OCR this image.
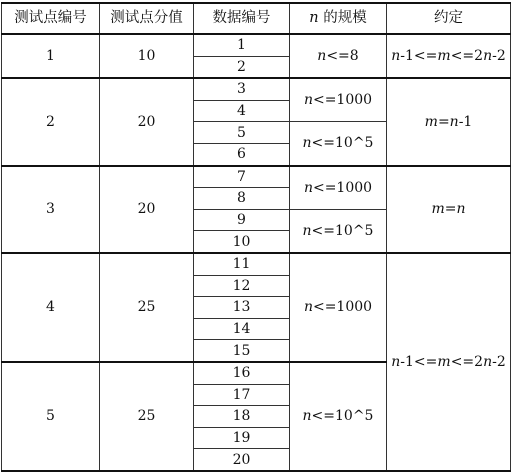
测试点编号	测试点分值	数据编号	n 的规模	约定
1	10	1	n<=8	n-1<=m<=2n-2
		2		
2	20	3	n<=1000	m=n-1
		4		
		5	n<=10^5	
		6		
3	20	7	n<=1000	m=n
		8		
		9	n<=10^5	
		10		
4	25	11	n<=1000	n-1<=m<=2n-2
		12		
		13		
		14		
		15		
5	25	16	n<=10^5	
		17		
		18		
		19		
		20		
